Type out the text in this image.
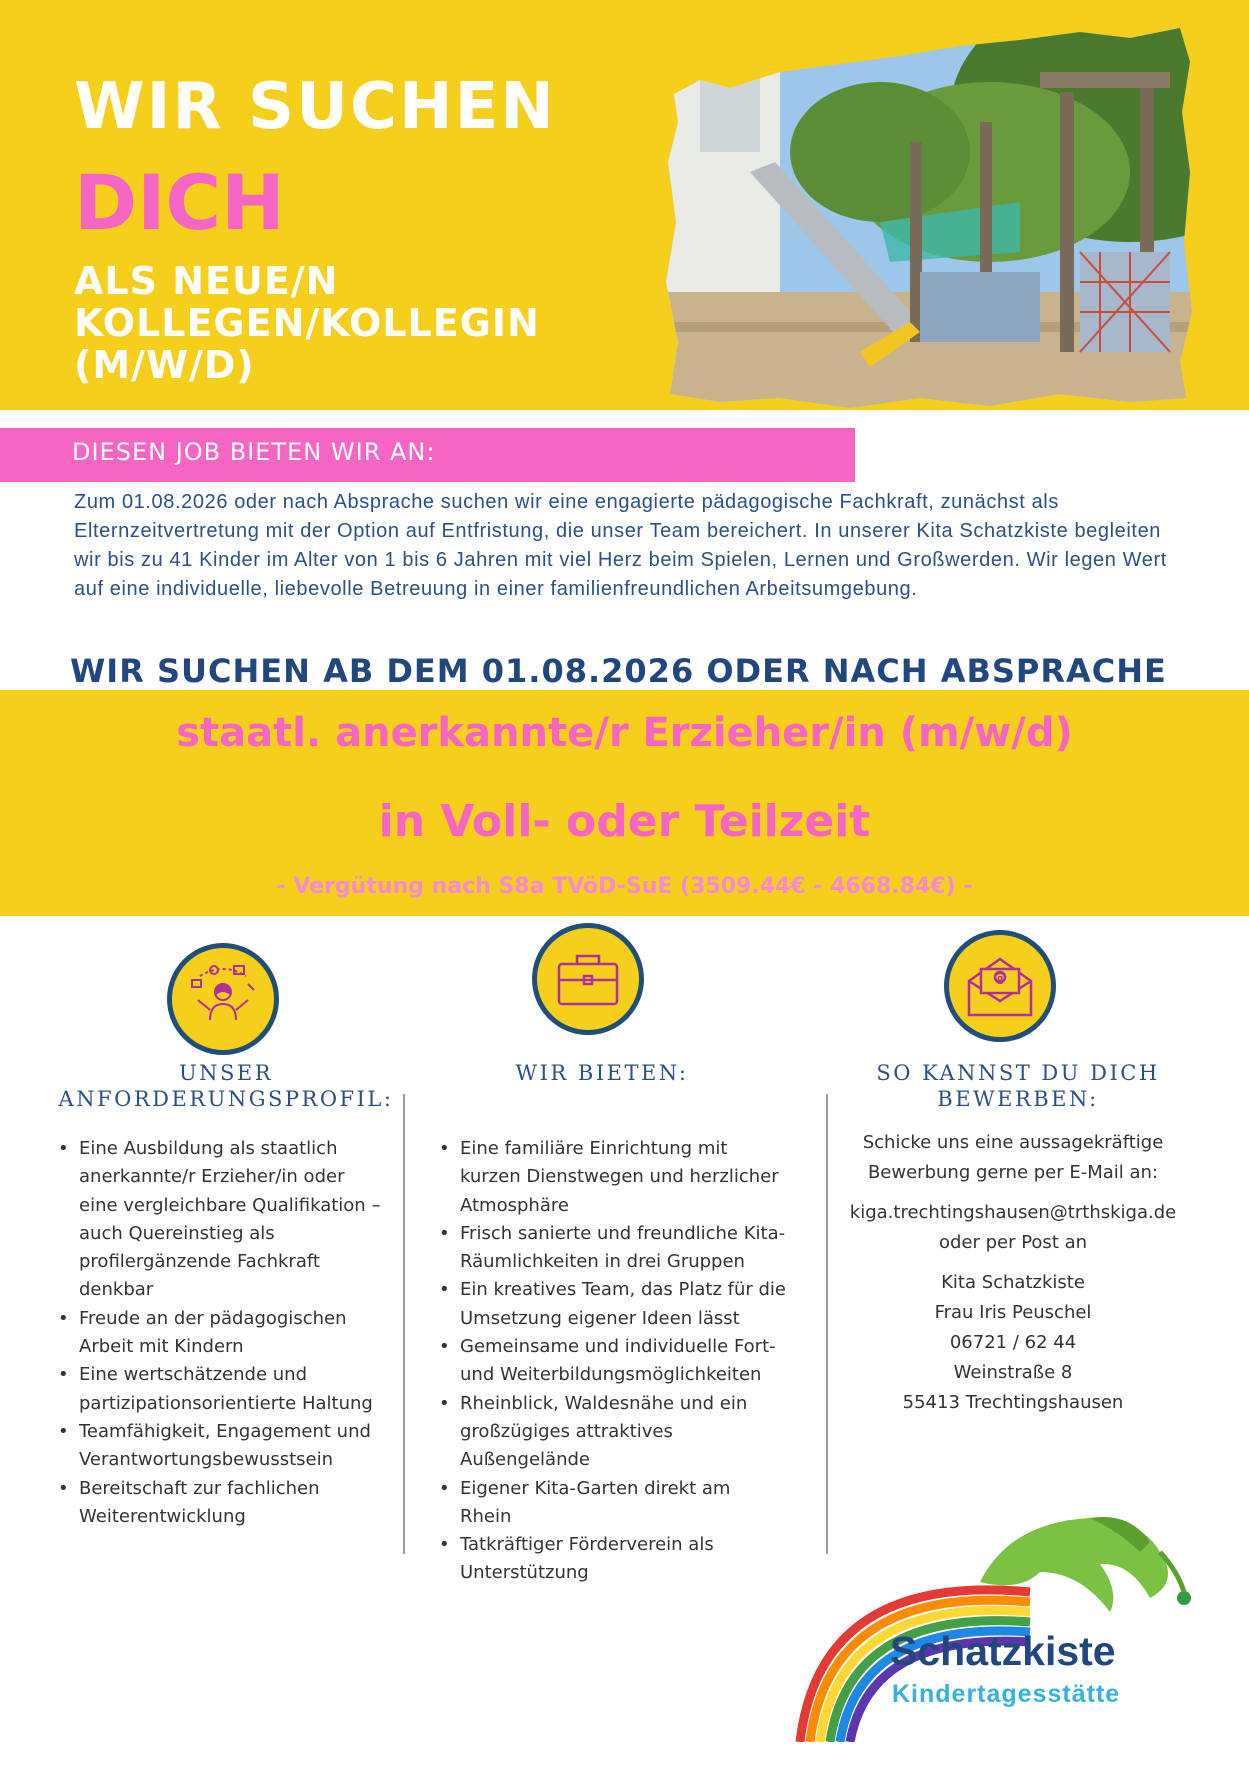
WIR SUCHEN
DICH
ALS NEUE/N KOLLEGEN/KOLLEGIN (M/W/D)
DIESEN JOB BIETEN WIR AN:
Zum 01.08.2026 oder nach Absprache suchen wir eine engagierte pädagogische Fachkraft, zunächst als Elternzeitvertretung mit der Option auf Entfristung, die unser Team bereichert. In unserer Kita Schatzkiste begleiten wir bis zu 41 Kinder im Alter von 1 bis 6 Jahren mit viel Herz beim Spielen, Lernen und Großwerden. Wir legen Wert auf eine individuelle, liebevolle Betreuung in einer familienfreundlichen Arbeitsumgebung.
WIR SUCHEN AB DEM 01.08.2026 ODER NACH ABSPRACHE
staatl. anerkannte/r Erzieher/in (m/w/d)
in Voll- oder Teilzeit
- Vergütung nach S8a TVöD-SuE (3509.44€ - 4668.84€) -
@
UNSER ANFORDERUNGSPROFIL:
WIR BIETEN:	SO KANNST DU DICH BEWERBEN:
• Eine Ausbildung als staatlich anerkannte/r Erzieher/in oder eine vergleichbare Qualifikation – auch Quereinstieg als profilergänzende Fachkraft denkbar
• Freude an der pädagogischen Arbeit mit Kindern
• Eine wertschätzende und partizipationsorientierte Haltung
• Teamfähigkeit, Engagement und Verantwortungsbewusstsein
• Bereitschaft zur fachlichen Weiterentwicklung
• Eine familiäre Einrichtung mit kurzen Dienstwegen und herzlicher Atmosphäre
• Frisch sanierte und freundliche Kita-Räumlichkeiten in drei Gruppen
• Ein kreatives Team, das Platz für die Umsetzung eigener Ideen lässt
• Gemeinsame und individuelle Fort- und Weiterbildungsmöglichkeiten
• Rheinblick, Waldesnähe und ein großzügiges attraktives Außengelände
• Eigener Kita-Garten direkt am Rhein
• Tatkräftiger Förderverein als Unterstützung

Schicke uns eine aussagekräftige Bewerbung gerne per E-Mail an:

kiga.trechtingshausen@trthskiga.de

oder per Post an

Kita Schatzkiste

Frau Iris Peuschel

06721 / 62 44

Weinstraße 8

55413 Trechtingshausen

Schatzkiste
Kindertagesstätte
